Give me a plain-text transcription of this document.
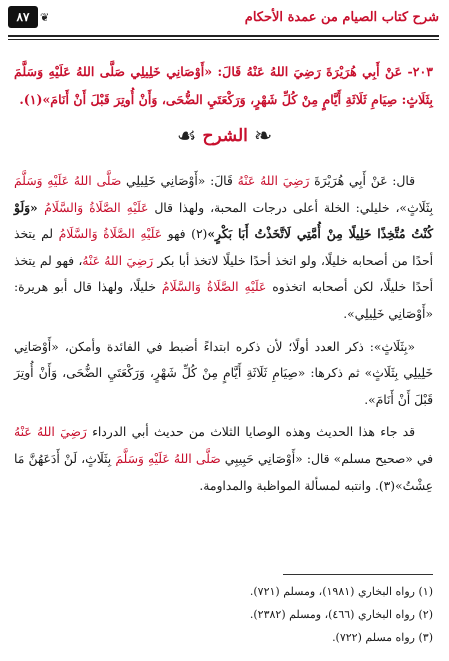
شرح كتاب الصيام من عمدة الأحكام
❦
٨٧
٢٠٣- عَنْ أَبِي هُرَيْرَةَ رَضِيَ اللهُ عَنْهُ قَالَ: «أَوْصَانِي خَلِيلِي صَلَّى اللهُ عَلَيْهِ وَسَلَّمَ بِثَلَاثٍ: صِيَامِ ثَلَاثَةِ أَيَّامٍ مِنْ كُلِّ شَهْرٍ، وَرَكْعَتَيِ الضُّحَى، وَأَنْ أُوتِرَ قَبْلَ أَنْ أَنَامَ»(١).
❧
الشرح
☙

قال: عَنْ أَبِي هُرَيْرَةَ رَضِيَ اللهُ عَنْهُ قَالَ: «أَوْصَانِي خَلِيلِي صَلَّى اللهُ عَلَيْهِ وَسَلَّمَ بِثَلَاثٍ»، خليلي: الخلة أعلى درجات المحبة، ولهذا قال عَلَيْهِ الصَّلَاةُ وَالسَّلَامُ «وَلَوْ كُنْتُ مُتَّخِذًا خَلِيلًا مِنْ أُمَّتِي لَاتَّخَذْتُ أَبَا بَكْرٍ»(٢) فهو عَلَيْهِ الصَّلَاةُ وَالسَّلَامُ لم يتخذ أحدًا من أصحابه خليلًا، ولو اتخذ أحدًا خليلًا لاتخذ أبا بكر رَضِيَ اللهُ عَنْهُ، فهو لم يتخذ أحدًا خليلًا، لكن أصحابه اتخذوه عَلَيْهِ الصَّلَاةُ وَالسَّلَامُ خليلًا، ولهذا قال أبو هريرة: «أَوْصَانِي خَلِيلِي».

«بِثَلَاثٍ»: ذكر العدد أولًا؛ لأن ذكره ابتداءً أضبط في الفائدة وأمكن، «أَوْصَانِي خَلِيلِي بِثَلَاثٍ» ثم ذكرها: «صِيَامِ ثَلَاثَةِ أَيَّامٍ مِنْ كُلِّ شَهْرٍ، وَرَكْعَتَيِ الضُّحَى، وَأَنْ أُوتِرَ قَبْلَ أَنْ أَنَامَ».

قد جاء هذا الحديث وهذه الوصايا الثلاث من حديث أبي الدرداء رَضِيَ اللهُ عَنْهُ في «صحيح مسلم» قال: «أَوْصَانِي حَبِيبِي صَلَّى اللهُ عَلَيْهِ وَسَلَّمَ بِثَلَاثٍ، لَنْ أَدَعَهُنَّ مَا عِشْتُ»(٣). وانتبه لمسألة المواظبة والمداومة.

(١) رواه البخاري (١٩٨١)، ومسلم (٧٢١).
(٢) رواه البخاري (٤٦٦)، ومسلم (٢٣٨٢).
(٣) رواه مسلم (٧٢٢).
